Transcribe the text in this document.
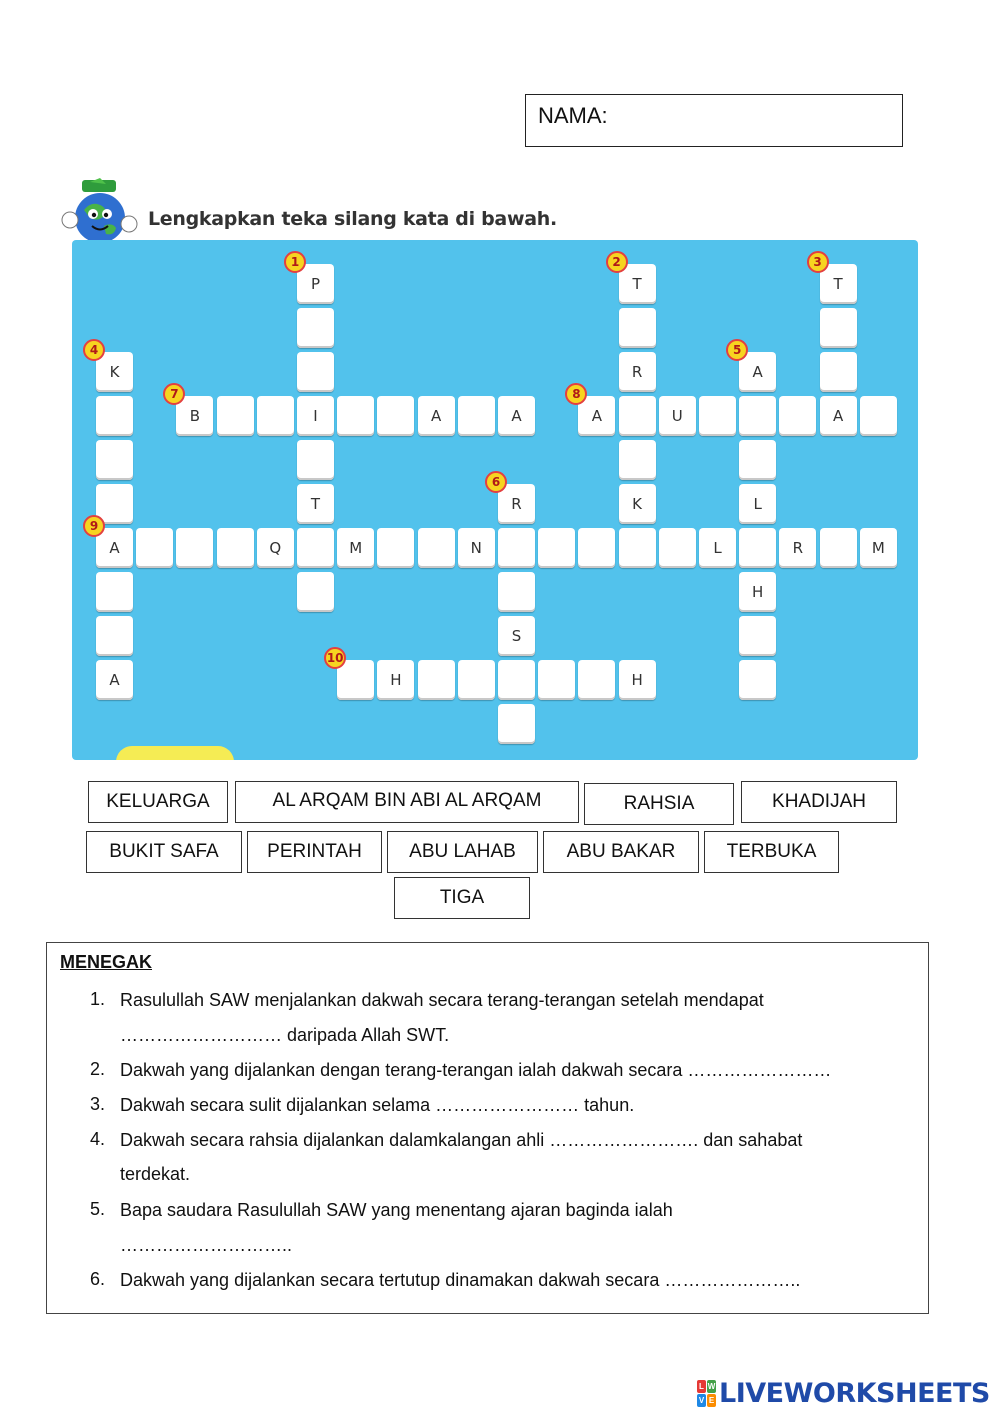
NAMA:
Lengkapkan teka silang kata di bawah.
P
I
T
T
R
K
T
A
K
A
A
A
L
H
B	A	A	A	U
R
S
Q	M	N	L	R	M
H	H
1	2	3
4	5
6
7	8
9
10
KELUARGA	AL ARQAM BIN ABI AL ARQAM	RAHSIA	KHADIJAH
BUKIT SAFA	PERINTAH	ABU LAHAB	ABU BAKAR	TERBUKA
TIGA
MENEGAK
1. Rasulullah SAW menjalankan dakwah secara terang-terangan setelah mendapat
……………………… daripada Allah SWT.
2. Dakwah yang dijalankan dengan terang-terangan ialah dakwah secara ……………………
3. Dakwah secara sulit dijalankan selama …………………… tahun.
4. Dakwah secara rahsia dijalankan dalamkalangan ahli ……………………. dan sahabat
terdekat.
5. Bapa saudara Rasulullah SAW yang menentang ajaran baginda ialah
………………………..
6. Dakwah yang dijalankan secara tertutup dinamakan dakwah secara …………………..
L W
V E LIVEWORKSHEETS
